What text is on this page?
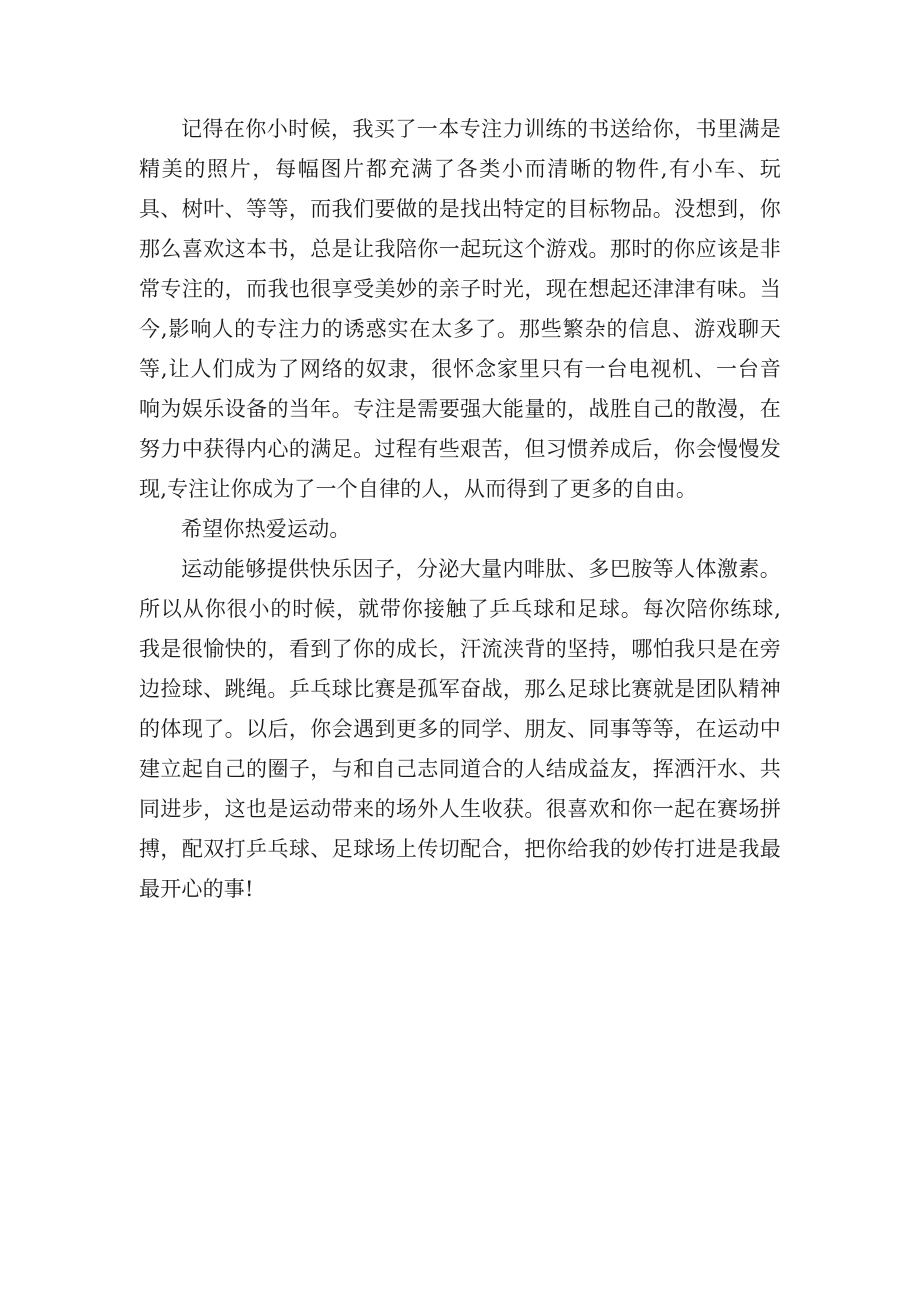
记得在你小时候，我买了一本专注力训练的书送给你，书里满是精美的照片，每幅图片都充满了各类小而清晰的物件,有小车、玩具、树叶、等等，而我们要做的是找出特定的目标物品。没想到，你那么喜欢这本书，总是让我陪你一起玩这个游戏。那时的你应该是非常专注的，而我也很享受美妙的亲子时光，现在想起还津津有味。当今,影响人的专注力的诱惑实在太多了。那些繁杂的信息、游戏聊天等,让人们成为了网络的奴隶，很怀念家里只有一台电视机、一台音响为娱乐设备的当年。专注是需要强大能量的，战胜自己的散漫，在努力中获得内心的满足。过程有些艰苦，但习惯养成后，你会慢慢发现,专注让你成为了一个自律的人，从而得到了更多的自由。

希望你热爱运动。

运动能够提供快乐因子，分泌大量内啡肽、多巴胺等人体激素。所以从你很小的时候，就带你接触了乒乓球和足球。每次陪你练球,我是很愉快的，看到了你的成长，汗流浃背的坚持，哪怕我只是在旁边捡球、跳绳。乒乓球比赛是孤军奋战，那么足球比赛就是团队精神的体现了。以后，你会遇到更多的同学、朋友、同事等等，在运动中建立起自己的圈子，与和自己志同道合的人结成益友，挥洒汗水、共同进步，这也是运动带来的场外人生收获。很喜欢和你一起在赛场拼搏，配双打乒乓球、足球场上传切配合，把你给我的妙传打进是我最最开心的事!
